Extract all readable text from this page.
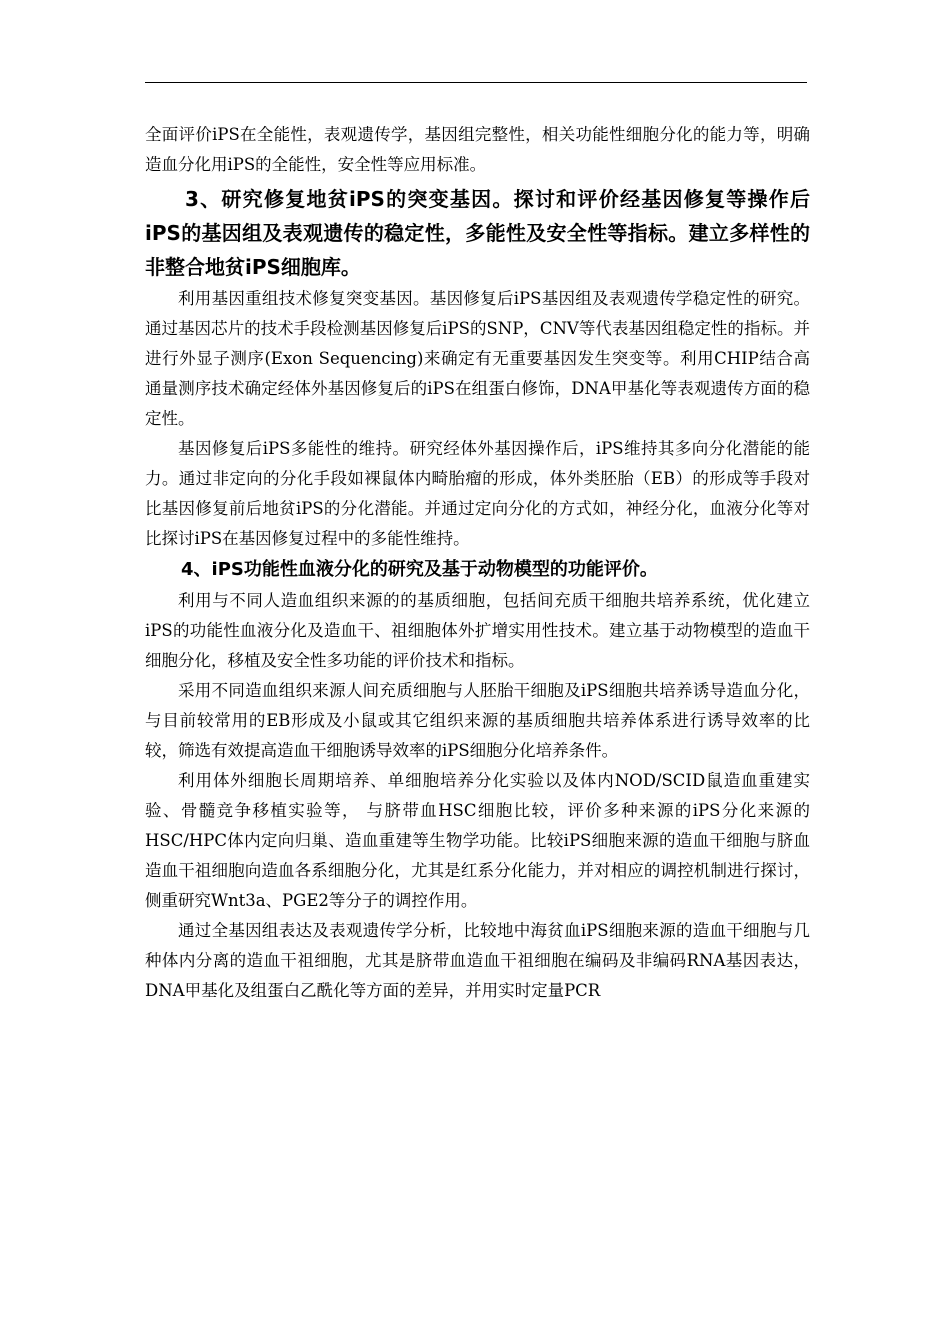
全面评价iPS在全能性，表观遗传学，基因组完整性，相关功能性细胞分化的能力等，明确造血分化用iPS的全能性，安全性等应用标准。

3、研究修复地贫iPS的突变基因。探讨和评价经基因修复等操作后iPS的基因组及表观遗传的稳定性，多能性及安全性等指标。建立多样性的非整合地贫iPS细胞库。

利用基因重组技术修复突变基因。基因修复后iPS基因组及表观遗传学稳定性的研究。通过基因芯片的技术手段检测基因修复后iPS的SNP，CNV等代表基因组稳定性的指标。并进行外显子测序(Exon Sequencing)来确定有无重要基因发生突变等。利用CHIP结合高通量测序技术确定经体外基因修复后的iPS在组蛋白修饰，DNA甲基化等表观遗传方面的稳定性。

基因修复后iPS多能性的维持。研究经体外基因操作后，iPS维持其多向分化潜能的能力。通过非定向的分化手段如裸鼠体内畸胎瘤的形成，体外类胚胎（EB）的形成等手段对比基因修复前后地贫iPS的分化潜能。并通过定向分化的方式如，神经分化，血液分化等对比探讨iPS在基因修复过程中的多能性维持。

4、iPS功能性血液分化的研究及基于动物模型的功能评价。

利用与不同人造血组织来源的的基质细胞，包括间充质干细胞共培养系统，优化建立iPS的功能性血液分化及造血干、祖细胞体外扩增实用性技术。建立基于动物模型的造血干细胞分化，移植及安全性多功能的评价技术和指标。

采用不同造血组织来源人间充质细胞与人胚胎干细胞及iPS细胞共培养诱导造血分化，与目前较常用的EB形成及小鼠或其它组织来源的基质细胞共培养体系进行诱导效率的比较，筛选有效提高造血干细胞诱导效率的iPS细胞分化培养条件。

利用体外细胞长周期培养、单细胞培养分化实验以及体内NOD/SCID鼠造血重建实验、骨髓竞争移植实验等， 与脐带血HSC细胞比较，评价多种来源的iPS分化来源的HSC/HPC体内定向归巢、造血重建等生物学功能。比较iPS细胞来源的造血干细胞与脐血造血干祖细胞向造血各系细胞分化，尤其是红系分化能力，并对相应的调控机制进行探讨，侧重研究Wnt3a、PGE2等分子的调控作用。

通过全基因组表达及表观遗传学分析，比较地中海贫血iPS细胞来源的造血干细胞与几种体内分离的造血干祖细胞，尤其是脐带血造血干祖细胞在编码及非编码RNA基因表达，DNA甲基化及组蛋白乙酰化等方面的差异，并用实时定量PCR
